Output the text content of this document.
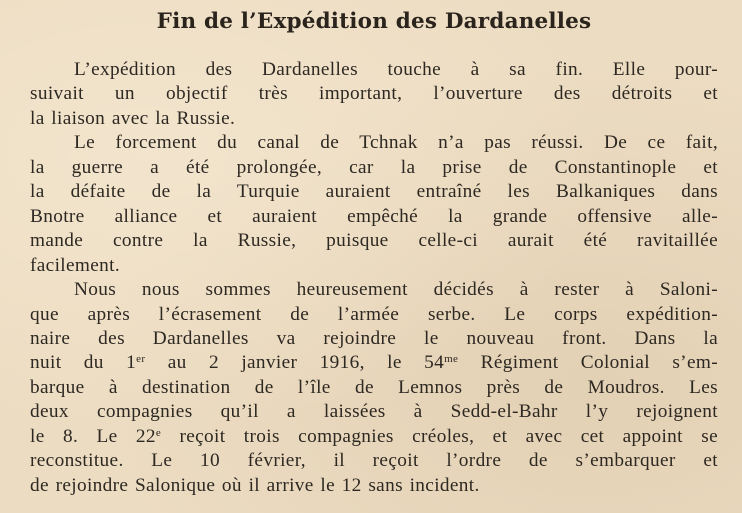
Fin de l’Expédition des Dardanelles

L’expédition des Dardanelles touche à sa fin. Elle pour-
suivait un objectif très important, l’ouverture des détroits et
la liaison avec la Russie.

Le forcement du canal de Tchnak n’a pas réussi. De ce fait,
la guerre a été prolongée, car la prise de Constantinople et
la défaite de la Turquie auraient entraîné les Balkaniques dans
Bnotre alliance et auraient empêché la grande offensive alle-
mande contre la Russie, puisque celle-ci aurait été ravitaillée
facilement.

Nous nous sommes heureusement décidés à rester à Saloni-
que après l’écrasement de l’armée serbe. Le corps expédition-
naire des Dardanelles va rejoindre le nouveau front. Dans la
nuit du 1er au 2 janvier 1916, le $54^{me}$ Régiment Colonial s’em-
barque à destination de l’île de Lemnos près de Moudros. Les
deux compagnies qu’il a laissées à Sedd-el-Bahr l’y rejoignent
le 8. Le 22e reçoit trois compagnies créoles, et avec cet appoint se
reconstitue. Le 10 février, il reçoit l’ordre de s’embarquer et
de rejoindre Salonique où il arrive le 12 sans incident.
